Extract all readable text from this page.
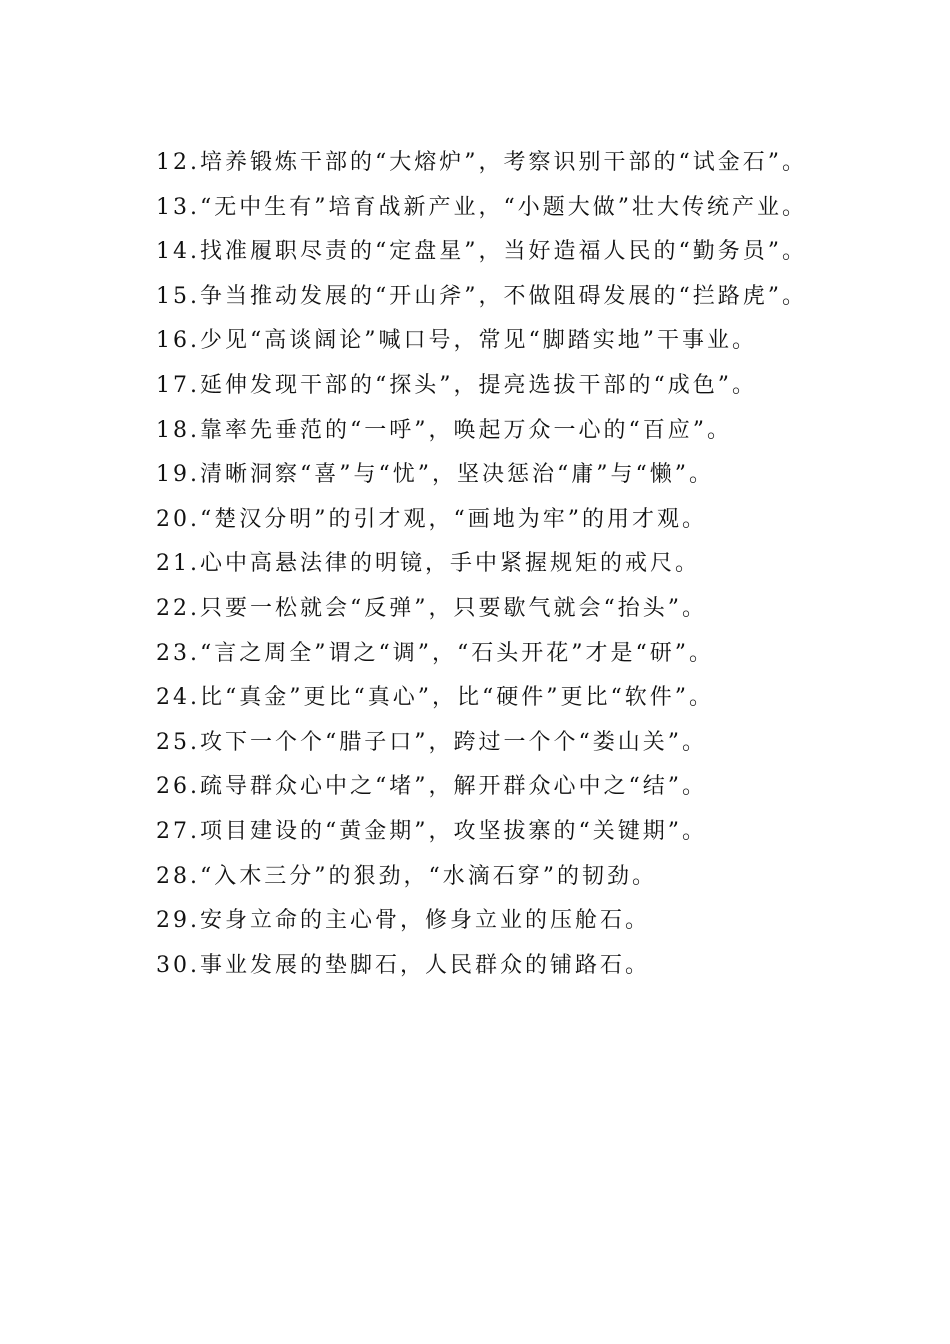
12.培养锻炼干部的“大熔炉”，考察识别干部的“试金石”。

13.“无中生有”培育战新产业，“小题大做”壮大传统产业。

14.找准履职尽责的“定盘星”，当好造福人民的“勤务员”。

15.争当推动发展的“开山斧”，不做阻碍发展的“拦路虎”。

16.少见“高谈阔论”喊口号，常见“脚踏实地”干事业。

17.延伸发现干部的“探头”，提亮选拔干部的“成色”。

18.靠率先垂范的“一呼”，唤起万众一心的“百应”。

19.清晰洞察“喜”与“忧”，坚决惩治“庸”与“懒”。

20.“楚汉分明”的引才观，“画地为牢”的用才观。

21.心中高悬法律的明镜，手中紧握规矩的戒尺。

22.只要一松就会“反弹”，只要歇气就会“抬头”。

23.“言之周全”谓之“调”，“石头开花”才是“研”。

24.比“真金”更比“真心”，比“硬件”更比“软件”。

25.攻下一个个“腊子口”，跨过一个个“娄山关”。

26.疏导群众心中之“堵”，解开群众心中之“结”。

27.项目建设的“黄金期”，攻坚拔寨的“关键期”。

28.“入木三分”的狠劲，“水滴石穿”的韧劲。

29.安身立命的主心骨，修身立业的压舱石。

30.事业发展的垫脚石，人民群众的铺路石。
